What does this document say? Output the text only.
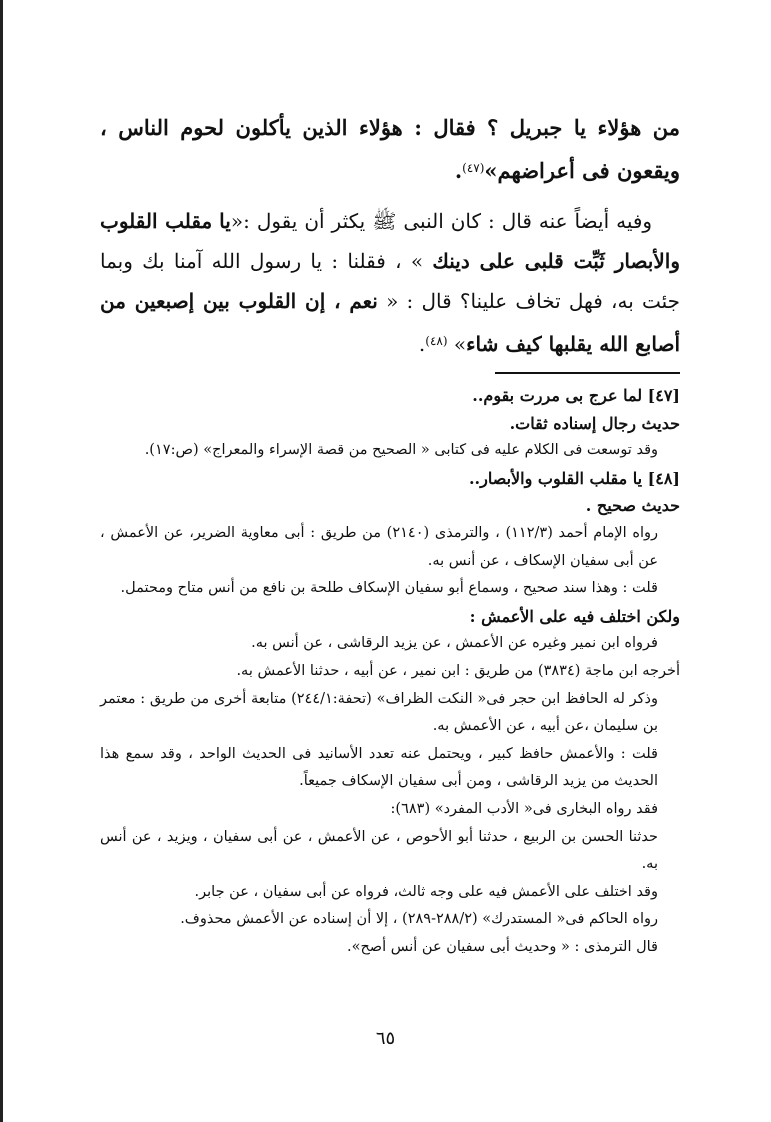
من هؤلاء يا جبريل ؟ فقال : هؤلاء الذين يأكلون لحوم الناس ، ويقعون فى أعراضهم»$^{(٤٧)}$.

وفيه أيضاً عنه قال : كان النبى ﷺ يكثر أن يقول :«يا مقلب القلوب والأبصار ثَبِّت قلبى على دينك » ، فقلنا : يا رسول الله آمنا بك وبما جئت به، فهل تخاف علينا؟ قال : « نعم ، إن القلوب بين إصبعين من أصابع الله يقلبها كيف شاء» $^{(٤٨)}$.

[٤٧] لما عرج بى مررت بقوم..

حديث رجال إسناده ثقات.

وقد توسعت فى الكلام عليه فى كتابى « الصحيح من قصة الإسراء والمعراج» (ص:١٧).

[٤٨] يا مقلب القلوب والأبصار..

حديث صحيح .

رواه الإمام أحمد (١١٢/٣) ، والترمذى (٢١٤٠) من طريق : أبى معاوية الضرير، عن الأعمش ، عن أبى سفيان الإسكاف ، عن أنس به.

قلت : وهذا سند صحيح ، وسماع أبو سفيان الإسكاف طلحة بن نافع من أنس متاح ومحتمل.

ولكن اختلف فيه على الأعمش :

فرواه ابن نمير وغيره عن الأعمش ، عن يزيد الرقاشى ، عن أنس به.

أخرجه ابن ماجة (٣٨٣٤) من طريق : ابن نمير ، عن أبيه ، حدثنا الأعمش به.

وذكر له الحافظ ابن حجر فى« النكت الظراف» (تحفة:٢٤٤/١) متابعة أخرى من طريق : معتمر بن سليمان ،عن أبيه ، عن الأعمش به.

قلت : والأعمش حافظ كبير ، ويحتمل عنه تعدد الأسانيد فى الحديث الواحد ، وقد سمع هذا الحديث من يزيد الرقاشى ، ومن أبى سفيان الإسكاف جميعاً.

فقد رواه البخارى فى« الأدب المفرد» (٦٨٣):

حدثنا الحسن بن الربيع ، حدثنا أبو الأحوص ، عن الأعمش ، عن أبى سفيان ، ويزيد ، عن أنس به.

وقد اختلف على الأعمش فيه على وجه ثالث، فرواه عن أبى سفيان ، عن جابر.

رواه الحاكم فى« المستدرك» (٢٨٨/٢-٢٨٩) ، إلا أن إسناده عن الأعمش محذوف.

قال الترمذى : « وحديث أبى سفيان عن أنس أصح».

٦٥
